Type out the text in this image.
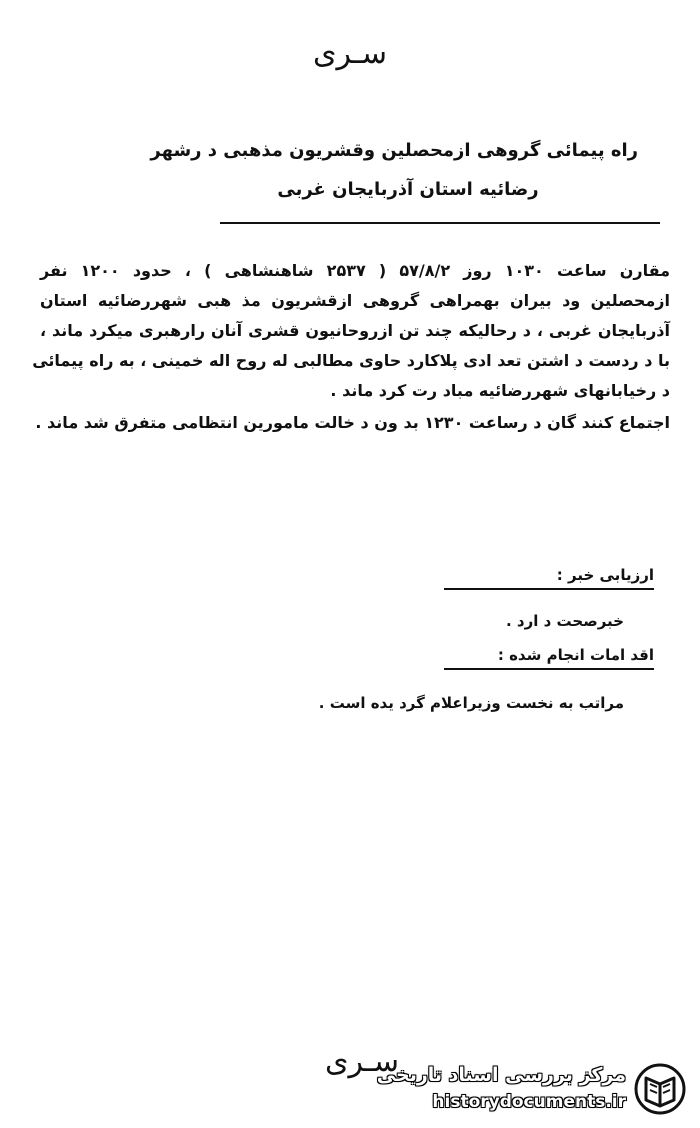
سـرى
راه پیمائی گروهی ازمحصلین وقشریون مذهبی د رشهر
رضائیه استان آذربایجان غربی
مقارن ساعت ۱۰۳۰ روز ۵۷/۸/۲ ( ۲۵۳۷ شاهنشاهی ) ، حدود ۱۲۰۰ نفر
ازمحصلین ود بیران بهمراهی گروهی ازقشریون مذ هبی شهررضائیه استان
آذربایجان غربی ، د رحالیکه چند تن ازروحانیون قشری آنان رارهبری میکرد ماند ،
با د ردست د اشتن تعد ادی پلاکارد حاوی مطالبی له روح اله خمینی ، به راه پیمائی
د رخیابانهای شهررضائیه مباد رت کرد ماند .
اجتماع کنند گان د رساعت ۱۲۳۰ بد ون د خالت مامورین انتظامی متفرق شد ماند .
ارزیابی خبر :
خبرصحت د ارد .
اقد امات انجام شده :
مراتب به نخست وزیراعلام گرد یده است .
سـرى
مرکز بررسی اسناد تاریخی
historydocuments.ir
